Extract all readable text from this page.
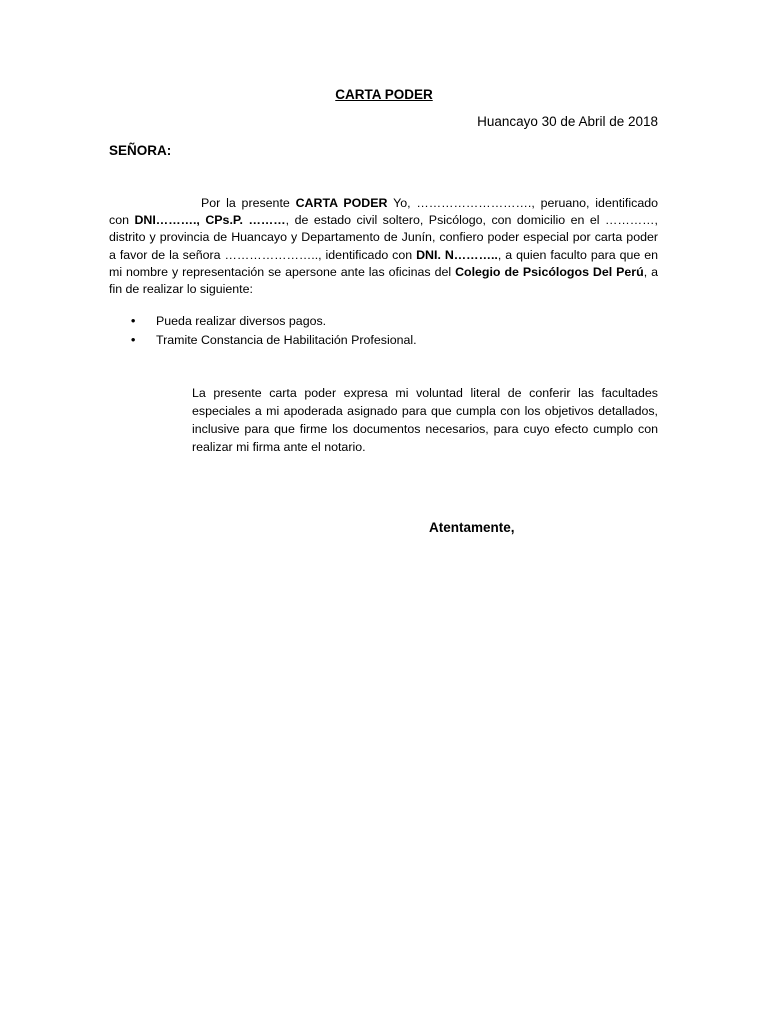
CARTA PODER
Huancayo 30 de Abril de 2018
SEÑORA:
Por la presente CARTA PODER Yo, ………………………., peruano, identificado con DNI………., CPs.P. ………, de estado civil soltero, Psicólogo, con domicilio en el …………, distrito y provincia de Huancayo y Departamento de Junín, confiero poder especial por carta poder a favor de la señora ………………….., identificado con DNI. N……….., a quien faculto para que en mi nombre y representación se apersone ante las oficinas del Colegio de Psicólogos Del Perú, a fin de realizar lo siguiente:
• Pueda realizar diversos pagos.
• Tramite Constancia de Habilitación Profesional.
La presente carta poder expresa mi voluntad literal de conferir las facultades especiales a mi apoderada asignado para que cumpla con los objetivos detallados, inclusive para que firme los documentos necesarios, para cuyo efecto cumplo con realizar mi firma ante el notario.
Atentamente,
